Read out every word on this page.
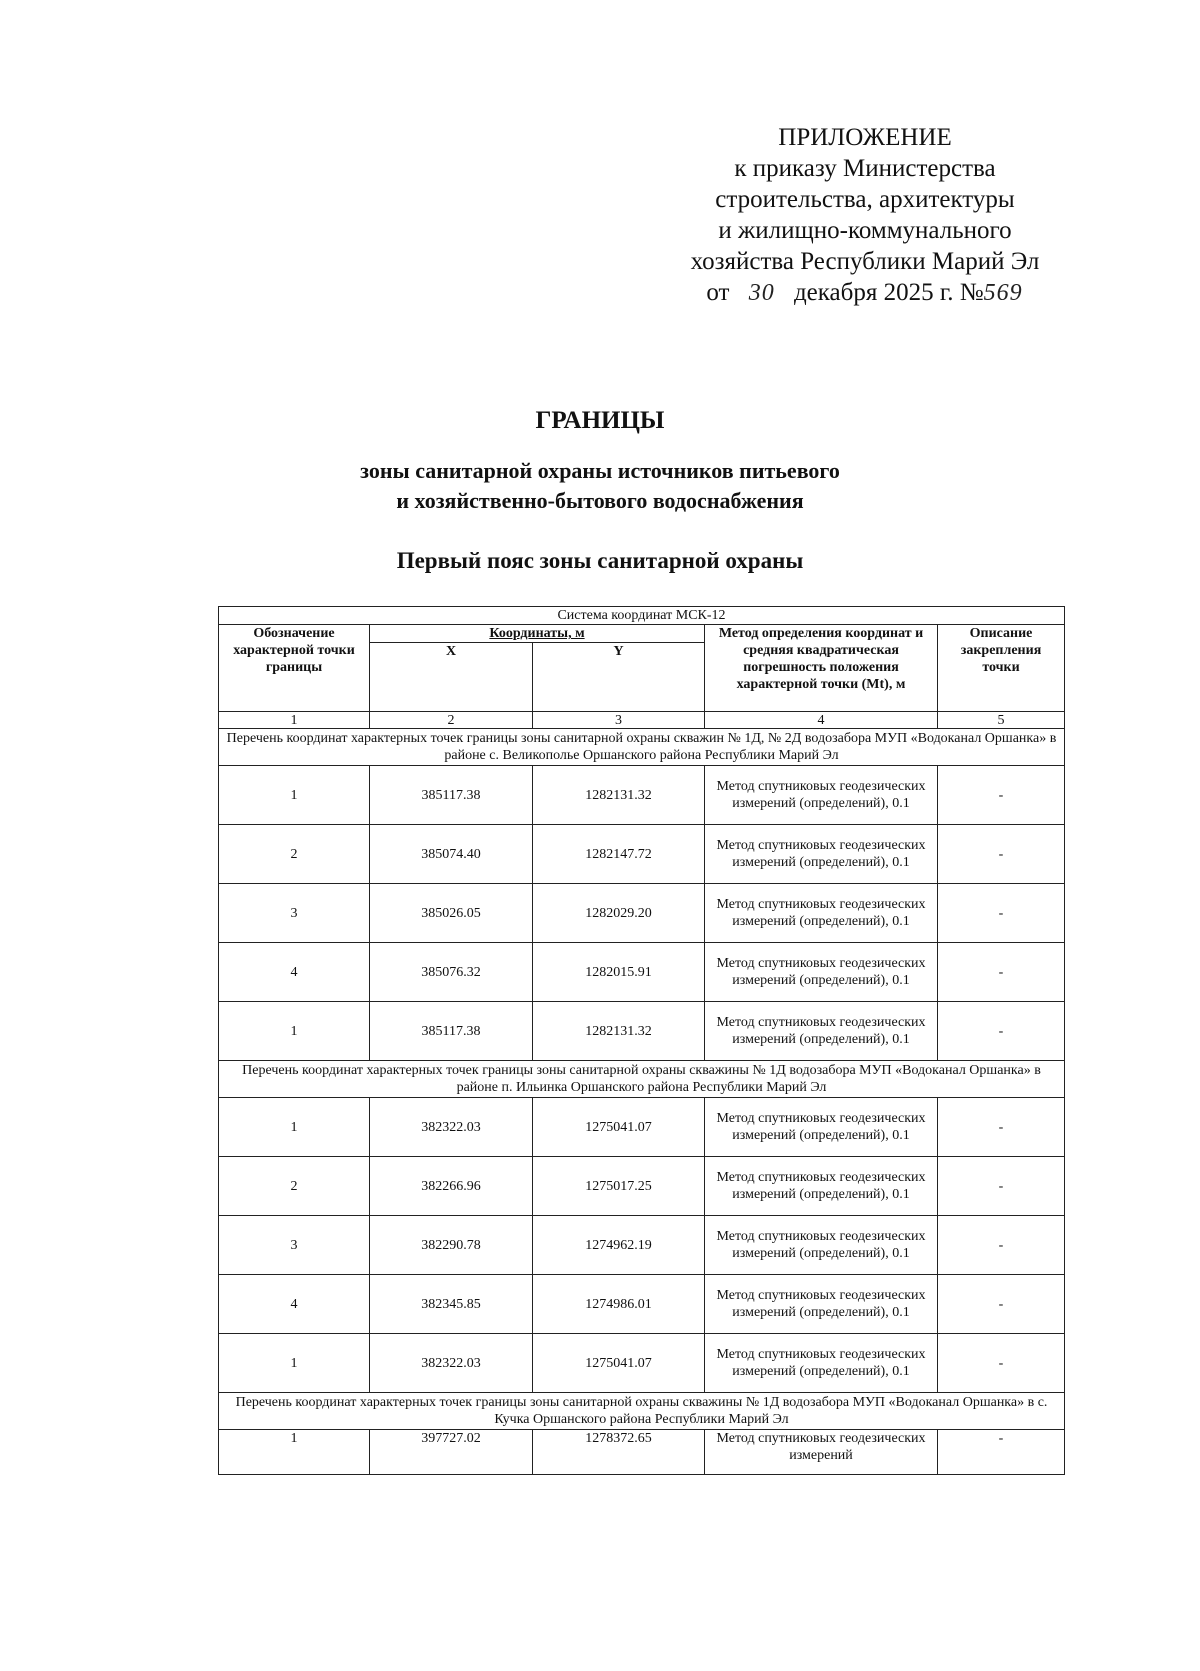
ПРИЛОЖЕНИЕ
к приказу Министерства
строительства, архитектуры
и жилищно-коммунального
хозяйства Республики Марий Эл
от 30 декабря 2025 г. №569
ГРАНИЦЫ
зоны санитарной охраны источников питьевого
и хозяйственно-бытового водоснабжения
Первый пояс зоны санитарной охраны
Система координат МСК-12				
Обозначение характерной точки границы	Координаты, м		Метод определения координат и средняя квадратическая погрешность положения характерной точки (Mt), м	Описание закрепления точки
	X	Y		
1	2	3	4	5
Перечень координат характерных точек границы зоны санитарной охраны скважин № 1Д, № 2Д водозабора МУП «Водоканал Оршанка» в районе с. Великополье Оршанского района Республики Марий Эл				
1	385117.38	1282131.32	Метод спутниковых геодезических измерений (определений), 0.1	-
2	385074.40	1282147.72	Метод спутниковых геодезических измерений (определений), 0.1	-
3	385026.05	1282029.20	Метод спутниковых геодезических измерений (определений), 0.1	-
4	385076.32	1282015.91	Метод спутниковых геодезических измерений (определений), 0.1	-
1	385117.38	1282131.32	Метод спутниковых геодезических измерений (определений), 0.1	-
Перечень координат характерных точек границы зоны санитарной охраны скважины № 1Д водозабора МУП «Водоканал Оршанка» в районе п. Ильинка Оршанского района Республики Марий Эл				
1	382322.03	1275041.07	Метод спутниковых геодезических измерений (определений), 0.1	-
2	382266.96	1275017.25	Метод спутниковых геодезических измерений (определений), 0.1	-
3	382290.78	1274962.19	Метод спутниковых геодезических измерений (определений), 0.1	-
4	382345.85	1274986.01	Метод спутниковых геодезических измерений (определений), 0.1	-
1	382322.03	1275041.07	Метод спутниковых геодезических измерений (определений), 0.1	-
Перечень координат характерных точек границы зоны санитарной охраны скважины № 1Д водозабора МУП «Водоканал Оршанка» в с. Кучка Оршанского района Республики Марий Эл				
1	397727.02	1278372.65	Метод спутниковых геодезических измерений	-
